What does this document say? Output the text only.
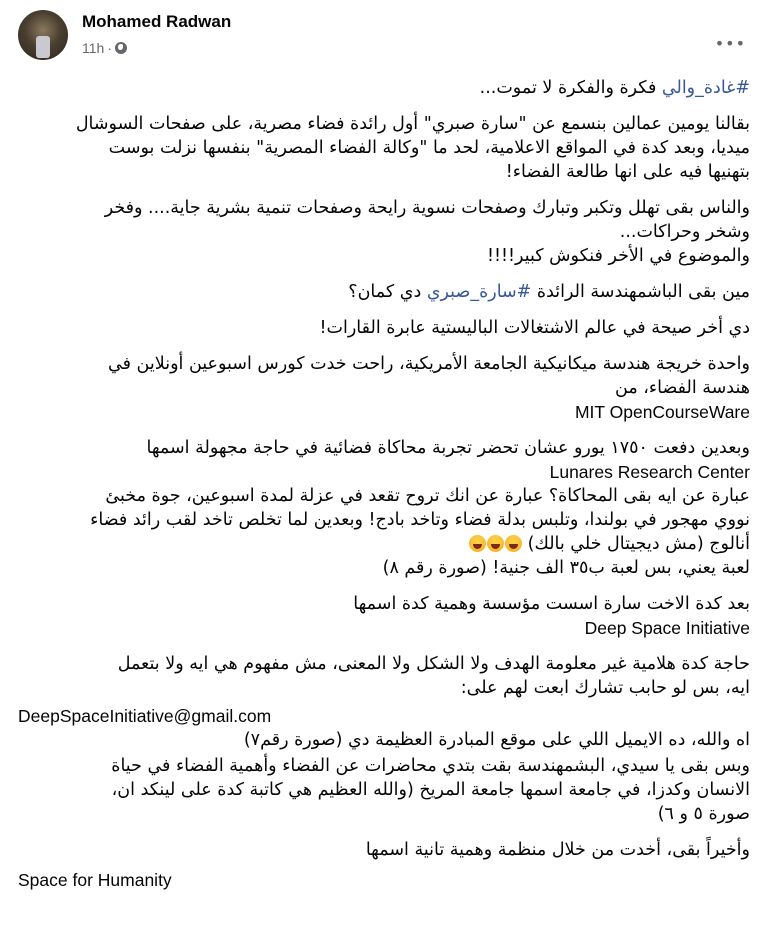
Mohamed Radwan
11h ·	•••
#غادة_والي فكرة والفكرة لا تموت...
بقالنا يومين عمالين بنسمع عن "سارة صبري" أول رائدة فضاء مصرية، على صفحات السوشال
ميديا، وبعد كدة في المواقع الاعلامية، لحد ما "وكالة الفضاء المصرية" بنفسها نزلت بوست
بتهنيها فيه على انها طالعة الفضاء!
والناس بقى تهلل وتكبر وتبارك وصفحات نسوية رايحة وصفحات تنمية بشرية جاية.... وفخر
وشخر وحراكات...
والموضوع في الأخر فنكوش كبير!!!!
مين بقى الباشمهندسة الرائدة #سارة_صبري دي كمان؟
دي أخر صيحة في عالم الاشتغالات الباليستية عابرة القارات!
واحدة خريجة هندسة ميكانيكية الجامعة الأمريكية، راحت خدت كورس اسبوعين أونلاين في
هندسة الفضاء، من
MIT OpenCourseWare
وبعدين دفعت ١٧٥٠ يورو عشان تحضر تجربة محاكاة فضائية في حاجة مجهولة اسمها
Lunares Research Center
عبارة عن ايه بقى المحاكاة؟ عبارة عن انك تروح تقعد في عزلة لمدة اسبوعين، جوة مخبئ
نووي مهجور في بولندا، وتلبس بدلة فضاء وتاخد بادج! وبعدين لما تخلص تاخد لقب رائد فضاء
أنالوج (مش ديجيتال خلي بالك)
لعبة يعني، بس لعبة ب٣٥ الف جنية! (صورة رقم ٨)
بعد كدة الاخت سارة اسست مؤسسة وهمية كدة اسمها
Deep Space Initiative
حاجة كدة هلامية غير معلومة الهدف ولا الشكل ولا المعنى، مش مفهوم هي ايه ولا بتعمل
ايه، بس لو حابب تشارك ابعت لهم على:
DeepSpaceInitiative@gmail.com
اه والله، ده الايميل اللي على موقع المبادرة العظيمة دي (صورة رقم٧)
وبس بقى يا سيدي، البشمهندسة بقت بتدي محاضرات عن الفضاء وأهمية الفضاء في حياة
الانسان وكدزا، في جامعة اسمها جامعة المريخ (والله العظيم هي كاتبة كدة على لينكد ان،
صورة ٥ و ٦)
وأخيراً بقى، أخدت من خلال منظمة وهمية تانية اسمها
Space for Humanity
